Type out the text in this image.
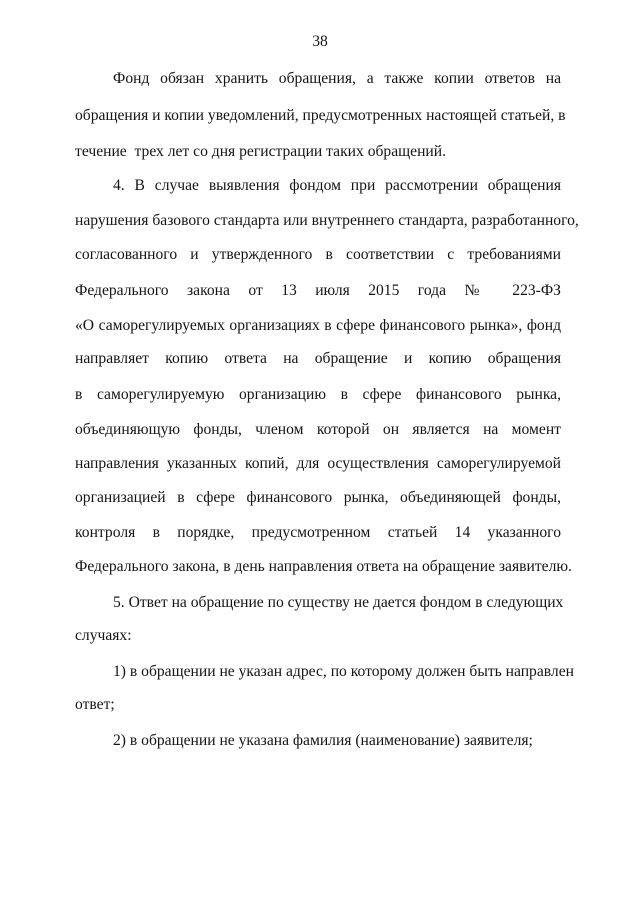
38
Фонд обязан хранить обращения, а также копии ответов на
обращения и копии уведомлений, предусмотренных настоящей статьей, в
течение  трех лет со дня регистрации таких обращений.
4. В случае выявления фондом при рассмотрении обращения
нарушения базового стандарта или внутреннего стандарта, разработанного,
согласованного и утвержденного в соответствии с требованиями
Федерального закона от 13 июля 2015 года № 223-ФЗ
«О саморегулируемых организациях в сфере финансового рынка», фонд
направляет копию ответа на обращение и копию обращения
в саморегулируемую организацию в сфере финансового рынка,
объединяющую фонды, членом которой он является на момент
направления указанных копий, для осуществления саморегулируемой
организацией в сфере финансового рынка, объединяющей фонды,
контроля в порядке, предусмотренном статьей 14 указанного
Федерального закона, в день направления ответа на обращение заявителю.
5. Ответ на обращение по существу не дается фондом в следующих
случаях:
1) в обращении не указан адрес, по которому должен быть направлен
ответ;
2) в обращении не указана фамилия (наименование) заявителя;
